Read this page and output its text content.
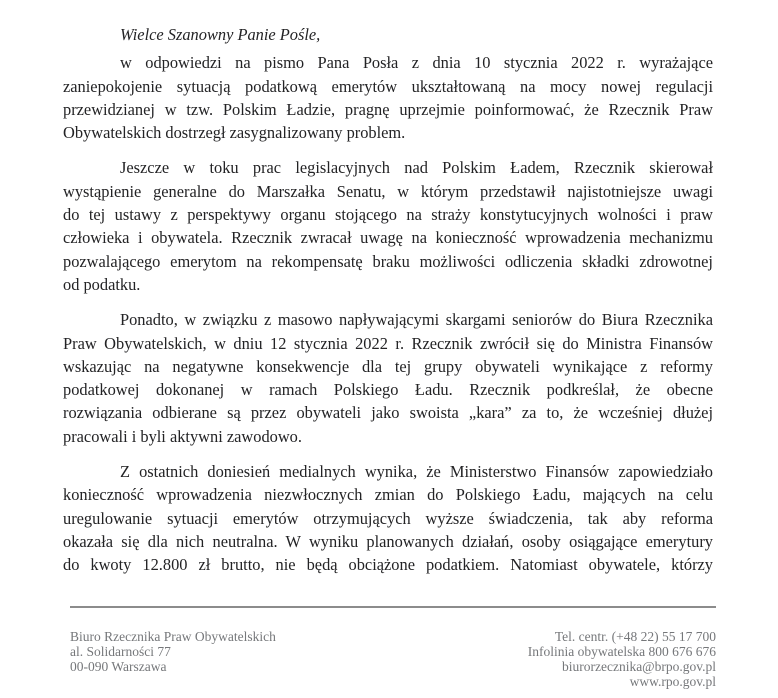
Wielce Szanowny Panie Pośle,

w odpowiedzi na pismo Pana Posła z dnia 10 stycznia 2022 r. wyrażające
zaniepokojenie sytuacją podatkową emerytów ukształtowaną na mocy nowej regulacji
przewidzianej w tzw. Polskim Ładzie, pragnę uprzejmie poinformować, że Rzecznik Praw
Obywatelskich dostrzegł zasygnalizowany problem.
Jeszcze w toku prac legislacyjnych nad Polskim Ładem, Rzecznik skierował
wystąpienie generalne do Marszałka Senatu, w którym przedstawił najistotniejsze uwagi
do tej ustawy z perspektywy organu stojącego na straży konstytucyjnych wolności i praw
człowieka i obywatela. Rzecznik zwracał uwagę na konieczność wprowadzenia mechanizmu
pozwalającego emerytom na rekompensatę braku możliwości odliczenia składki zdrowotnej
od podatku.
Ponadto, w związku z masowo napływającymi skargami seniorów do Biura Rzecznika
Praw Obywatelskich, w dniu 12 stycznia 2022 r. Rzecznik zwrócił się do Ministra Finansów
wskazując na negatywne konsekwencje dla tej grupy obywateli wynikające z reformy
podatkowej dokonanej w ramach Polskiego Ładu. Rzecznik podkreślał, że obecne
rozwiązania odbierane są przez obywateli jako swoista „kara” za to, że wcześniej dłużej
pracowali i byli aktywni zawodowo.
Z ostatnich doniesień medialnych wynika, że Ministerstwo Finansów zapowiedziało
konieczność wprowadzenia niezwłocznych zmian do Polskiego Ładu, mających na celu
uregulowanie sytuacji emerytów otrzymujących wyższe świadczenia, tak aby reforma
okazała się dla nich neutralna. W wyniku planowanych działań, osoby osiągające emerytury
do kwoty 12.800 zł brutto, nie będą obciążone podatkiem. Natomiast obywatele, którzy
Biuro Rzecznika Praw Obywatelskich
al. Solidarności 77
00-090 Warszawa
Tel. centr. (+48 22) 55 17 700
Infolinia obywatelska 800 676 676
biurorzecznika@brpo.gov.pl
www.rpo.gov.pl
